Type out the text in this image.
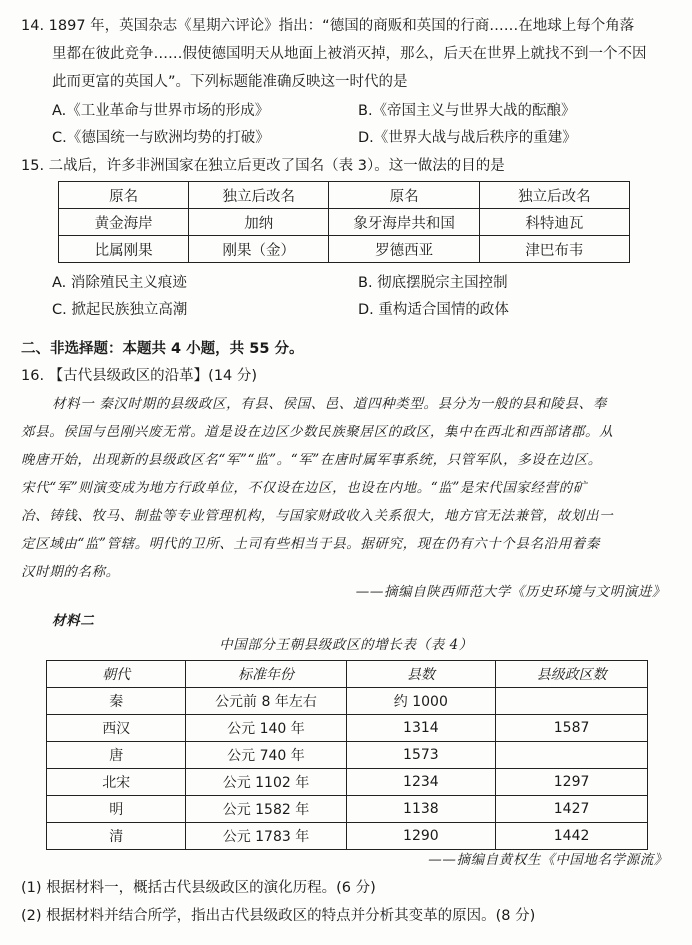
14. 1897 年，英国杂志《星期六评论》指出：“德国的商贩和英国的行商……在地球上每个角落
里都在彼此竞争……假使德国明天从地面上被消灭掉，那么，后天在世界上就找不到一个不因
此而更富的英国人”。下列标题能准确反映这一时代的是
A.《工业革命与世界市场的形成》	B.《帝国主义与世界大战的酝酿》
C.《德国统一与欧洲均势的打破》	D.《世界大战与战后秩序的重建》
15. 二战后，许多非洲国家在独立后更改了国名（表 3）。这一做法的目的是
原名	独立后改名	原名	独立后改名
黄金海岸	加纳	象牙海岸共和国	科特迪瓦
比属刚果	刚果（金）	罗德西亚	津巴布韦
A. 消除殖民主义痕迹	B. 彻底摆脱宗主国控制
C. 掀起民族独立高潮	D. 重构适合国情的政体
二、非选择题：本题共 4 小题，共 55 分。
16. 【古代县级政区的沿革】(14 分)
材料一 秦汉时期的县级政区，有县、侯国、邑、道四种类型。县分为一般的县和陵县、奉
郊县。侯国与邑刚兴废无常。道是设在边区少数民族聚居区的政区，集中在西北和西部诸郡。从
晚唐开始，出现新的县级政区名“军”“监”。“军”在唐时属军事系统，只管军队，多设在边区。
宋代“军”则演变成为地方行政单位，不仅设在边区，也设在内地。“监”是宋代国家经营的矿
冶、铸钱、牧马、制盐等专业管理机构，与国家财政收入关系很大，地方官无法兼管，故划出一
定区域由“监”管辖。明代的卫所、土司有些相当于县。据研究，现在仍有六十个县名沿用着秦
汉时期的名称。
——摘编自陕西师范大学《历史环境与文明演进》
材料二
中国部分王朝县级政区的增长表（表 4）
朝代	标准年份	县数	县级政区数
秦	公元前 8 年左右	约 1000	
西汉	公元 140 年	1314	1587
唐	公元 740 年	1573	
北宋	公元 1102 年	1234	1297
明	公元 1582 年	1138	1427
清	公元 1783 年	1290	1442
——摘编自黄权生《中国地名学源流》
(1) 根据材料一，概括古代县级政区的演化历程。(6 分)
(2) 根据材料并结合所学，指出古代县级政区的特点并分析其变革的原因。(8 分)
